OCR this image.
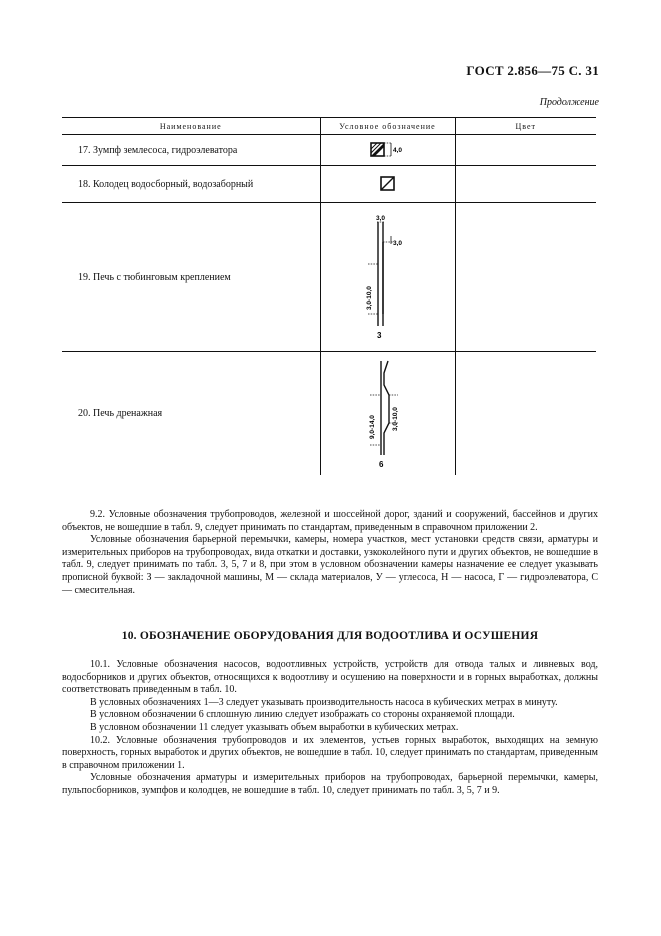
ГОСТ 2.856—75 С. 31
Продолжение
Наименование	Условное обозначение	Цвет
17. Зумпф землесоса, гидроэлеватора	4,0	

18. Колодец водосборный, водозаборный	

19. Печь с тюбинговым креплением	3,0
3,0
3,0-10,0
3	

20. Печь дренажная	9,0-14,0 3,0-10,0
6	

9.2. Условные обозначения трубопроводов, железной и шоссейной дорог, зданий и сооружений, бассейнов и других объектов, не вошедшие в табл. 9, следует принимать по стандартам, приведенным в справочном приложении 2.

Условные обозначения барьерной перемычки, камеры, номера участков, мест установки средств связи, арматуры и измерительных приборов на трубопроводах, вида откатки и доставки, узкоколейного пути и других объектов, не вошедшие в табл. 9, следует принимать по табл. 3, 5, 7 и 8, при этом в условном обозначении камеры назначение ее следует указывать прописной буквой: З — закладочной машины, М — склада материалов, У — углесоса, Н — насоса, Г — гидроэлеватора, С — смесительная.

10. ОБОЗНАЧЕНИЕ ОБОРУДОВАНИЯ ДЛЯ ВОДООТЛИВА И ОСУШЕНИЯ

10.1. Условные обозначения насосов, водоотливных устройств, устройств для отвода талых и ливневых вод, водосборников и других объектов, относящихся к водоотливу и осушению на поверхности и в горных выработках, должны соответствовать приведенным в табл. 10.

В условных обозначениях 1—3 следует указывать производительность насоса в кубических метрах в минуту.

В условном обозначении 6 сплошную линию следует изображать со стороны охраняемой площади.

В условном обозначении 11 следует указывать объем выработки в кубических метрах.

10.2. Условные обозначения трубопроводов и их элементов, устьев горных выработок, выходящих на земную поверхность, горных выработок и других объектов, не вошедшие в табл. 10, следует принимать по стандартам, приведенным в справочном приложении 1.

Условные обозначения арматуры и измерительных приборов на трубопроводах, барьерной перемычки, камеры, пульпосборников, зумпфов и колодцев, не вошедшие в табл. 10, следует принимать по табл. 3, 5, 7 и 9.
